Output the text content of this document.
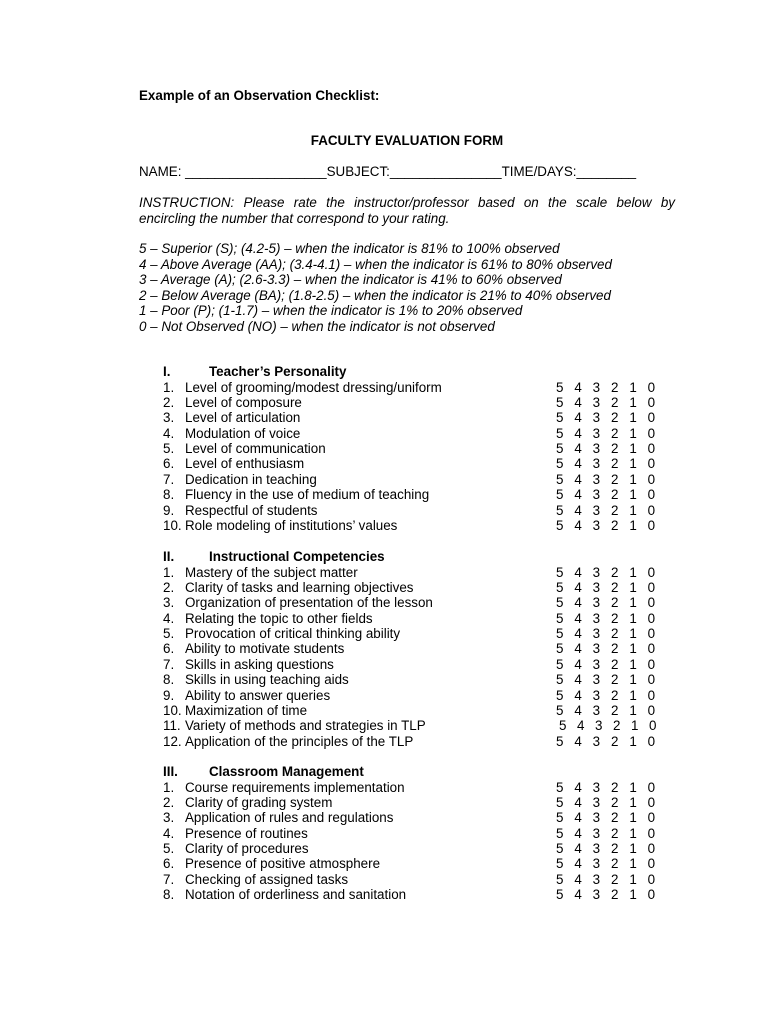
Example of an Observation Checklist:
FACULTY EVALUATION FORM
NAME: ___________________SUBJECT:_______________TIME/DAYS:________
INSTRUCTION: Please rate the instructor/professor based on the scale below by encircling the number that correspond to your rating.
5 – Superior (S); (4.2-5) – when the indicator is 81% to 100% observed
4 – Above Average (AA); (3.4-4.1) – when the indicator is 61% to 80% observed
3 – Average (A); (2.6-3.3) – when the indicator is 41% to 60% observed
2 – Below Average (BA); (1.8-2.5) – when the indicator is 21% to 40% observed
1 – Poor (P); (1-1.7) – when the indicator is 1% to 20% observed
0 – Not Observed (NO) – when the indicator is not observed
I.	Teacher’s Personality
1. Level of grooming/modest dressing/uniform	5 4 3 2 1 0
2. Level of composure	5 4 3 2 1 0
3. Level of articulation	5 4 3 2 1 0
4. Modulation of voice	5 4 3 2 1 0
5. Level of communication	5 4 3 2 1 0
6. Level of enthusiasm	5 4 3 2 1 0
7. Dedication in teaching	5 4 3 2 1 0
8. Fluency in the use of medium of teaching	5 4 3 2 1 0
9. Respectful of students	5 4 3 2 1 0
10. Role modeling of institutions’ values	5 4 3 2 1 0
II.	Instructional Competencies
1. Mastery of the subject matter	5 4 3 2 1 0
2. Clarity of tasks and learning objectives	5 4 3 2 1 0
3. Organization of presentation of the lesson	5 4 3 2 1 0
4. Relating the topic to other fields	5 4 3 2 1 0
5. Provocation of critical thinking ability	5 4 3 2 1 0
6. Ability to motivate students	5 4 3 2 1 0
7. Skills in asking questions	5 4 3 2 1 0
8. Skills in using teaching aids	5 4 3 2 1 0
9. Ability to answer queries	5 4 3 2 1 0
10. Maximization of time	5 4 3 2 1 0
11. Variety of methods and strategies in TLP	5 4 3 2 1 0
12. Application of the principles of the TLP	5 4 3 2 1 0
III.	Classroom Management
1. Course requirements implementation	5 4 3 2 1 0
2. Clarity of grading system	5 4 3 2 1 0
3. Application of rules and regulations	5 4 3 2 1 0
4. Presence of routines	5 4 3 2 1 0
5. Clarity of procedures	5 4 3 2 1 0
6. Presence of positive atmosphere	5 4 3 2 1 0
7. Checking of assigned tasks	5 4 3 2 1 0
8. Notation of orderliness and sanitation	5 4 3 2 1 0
